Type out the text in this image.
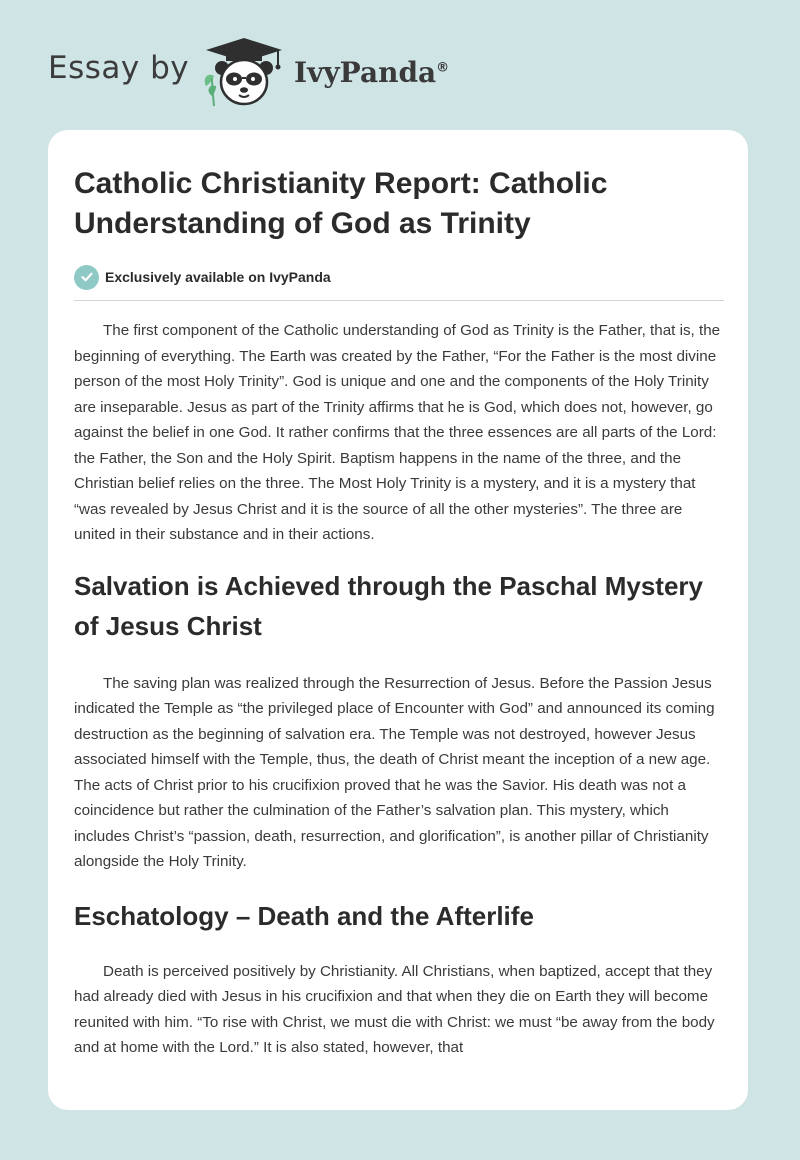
Essay by	IvyPanda®
Catholic Christianity Report: Catholic Understanding of God as Trinity
Exclusively available on IvyPanda

The first component of the Catholic understanding of God as Trinity is the Father, that is, the beginning of everything. The Earth was created by the Father, “For the Father is the most divine person of the most Holy Trinity”. God is unique and one and the components of the Holy Trinity are inseparable. Jesus as part of the Trinity affirms that he is God, which does not, however, go against the belief in one God. It rather confirms that the three essences are all parts of the Lord: the Father, the Son and the Holy Spirit. Baptism happens in the name of the three, and the Christian belief relies on the three. The Most Holy Trinity is a mystery, and it is a mystery that “was revealed by Jesus Christ and it is the source of all the other mysteries”. The three are united in their substance and in their actions.

Salvation is Achieved through the Paschal Mystery of Jesus Christ

The saving plan was realized through the Resurrection of Jesus. Before the Passion Jesus indicated the Temple as “the privileged place of Encounter with God” and announced its coming destruction as the beginning of salvation era. The Temple was not destroyed, however Jesus associated himself with the Temple, thus, the death of Christ meant the inception of a new age. The acts of Christ prior to his crucifixion proved that he was the Savior. His death was not a coincidence but rather the culmination of the Father’s salvation plan. This mystery, which includes Christ’s “passion, death, resurrection, and glorification”, is another pillar of Christianity alongside the Holy Trinity.

Eschatology – Death and the Afterlife

Death is perceived positively by Christianity. All Christians, when baptized, accept that they had already died with Jesus in his crucifixion and that when they die on Earth they will become reunited with him. “To rise with Christ, we must die with Christ: we must “be away from the body and at home with the Lord.” It is also stated, however, that
